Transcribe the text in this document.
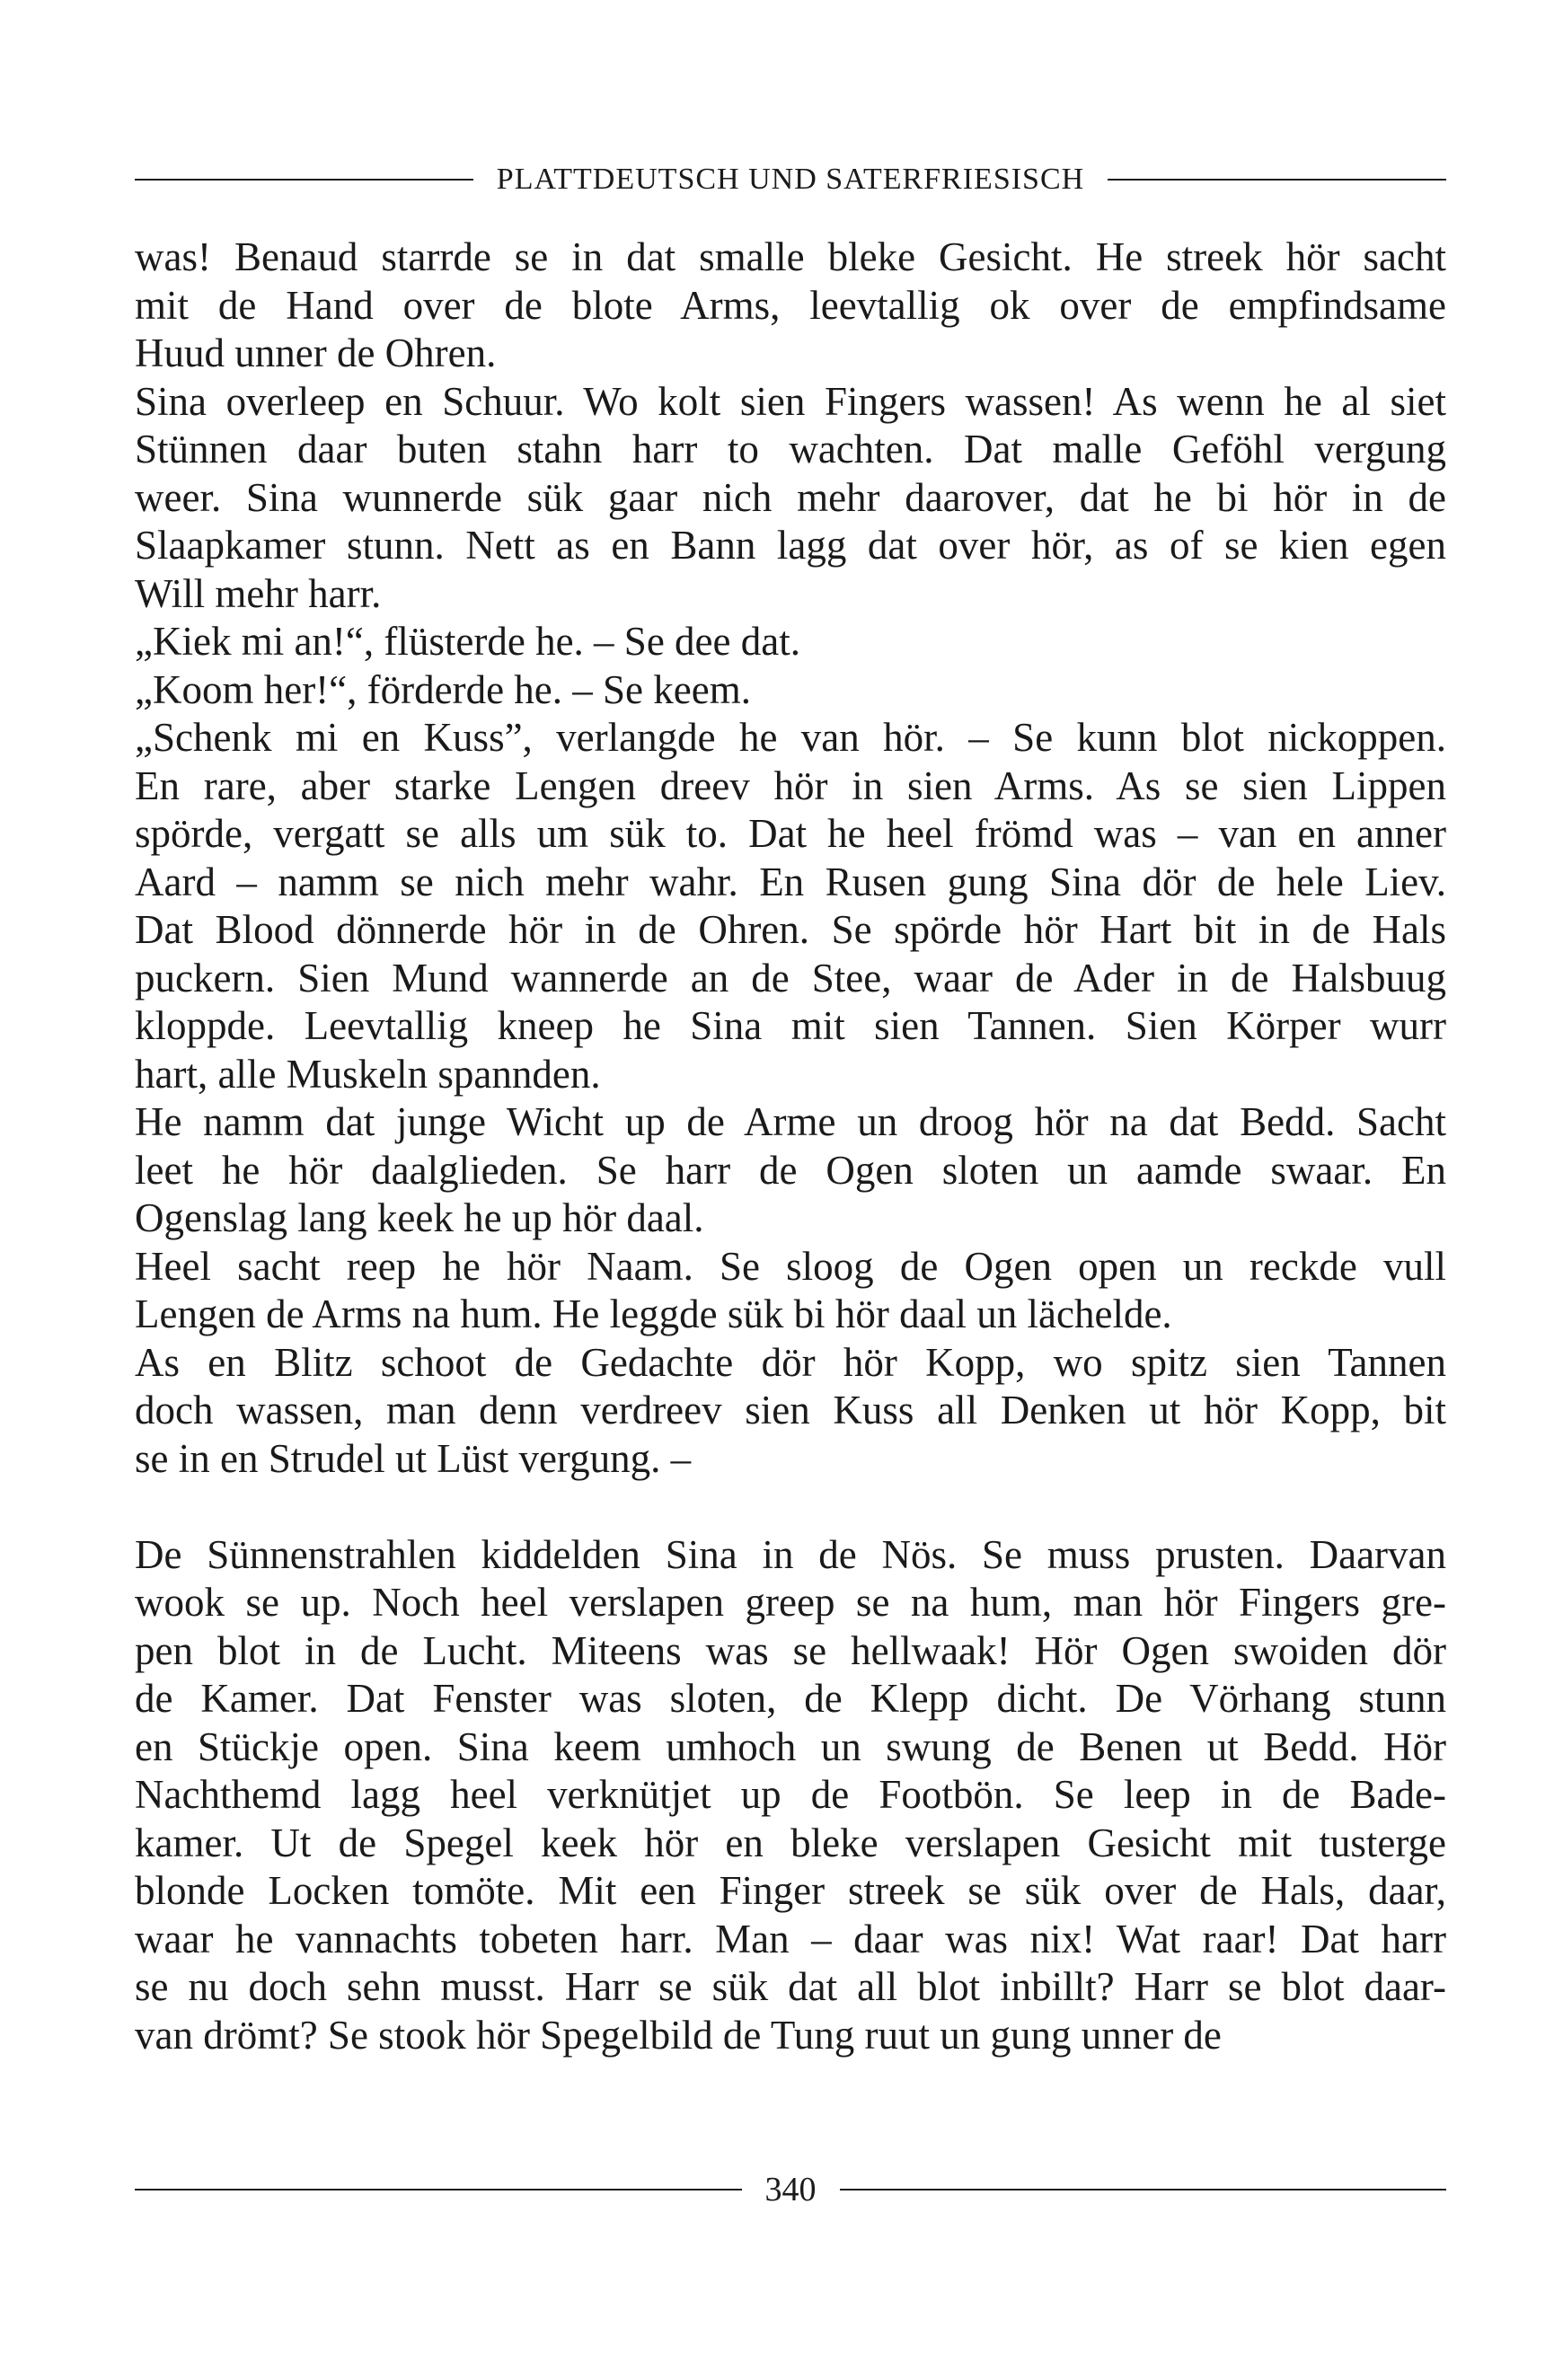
PLATTDEUTSCH UND SATERFRIESISCH
was! Benaud starrde se in dat smalle bleke Gesicht. He streek hör sacht
mit de Hand over de blote Arms, leevtallig ok over de empfindsame
Huud unner de Ohren.
Sina overleep en Schuur. Wo kolt sien Fingers wassen! As wenn he al siet
Stünnen daar buten stahn harr to wachten. Dat malle Geföhl vergung
weer. Sina wunnerde sük gaar nich mehr daarover, dat he bi hör in de
Slaapkamer stunn. Nett as en Bann lagg dat over hör, as of se kien egen
Will mehr harr.
„Kiek mi an!“, flüsterde he. – Se dee dat.
„Koom her!“, förderde he. – Se keem.
„Schenk mi en Kuss”, verlangde he van hör. – Se kunn blot nickoppen.
En rare, aber starke Lengen dreev hör in sien Arms. As se sien Lippen
spörde, vergatt se alls um sük to. Dat he heel frömd was – van en anner
Aard – namm se nich mehr wahr. En Rusen gung Sina dör de hele Liev.
Dat Blood dönnerde hör in de Ohren. Se spörde hör Hart bit in de Hals
puckern. Sien Mund wannerde an de Stee, waar de Ader in de Halsbuug
kloppde. Leevtallig kneep he Sina mit sien Tannen. Sien Körper wurr
hart, alle Muskeln spannden.
He namm dat junge Wicht up de Arme un droog hör na dat Bedd. Sacht
leet he hör daalglieden. Se harr de Ogen sloten un aamde swaar. En
Ogenslag lang keek he up hör daal.
Heel sacht reep he hör Naam. Se sloog de Ogen open un reckde vull
Lengen de Arms na hum. He leggde sük bi hör daal un lächelde.
As en Blitz schoot de Gedachte dör hör Kopp, wo spitz sien Tannen
doch wassen, man denn verdreev sien Kuss all Denken ut hör Kopp, bit
se in en Strudel ut Lüst vergung. –
De Sünnenstrahlen kiddelden Sina in de Nös. Se muss prusten. Daarvan
wook se up. Noch heel verslapen greep se na hum, man hör Fingers gre-
pen blot in de Lucht. Miteens was se hellwaak! Hör Ogen swoiden dör
de Kamer. Dat Fenster was sloten, de Klepp dicht. De Vörhang stunn
en Stückje open. Sina keem umhoch un swung de Benen ut Bedd. Hör
Nachthemd lagg heel verknütjet up de Footbön. Se leep in de Bade-
kamer. Ut de Spegel keek hör en bleke verslapen Gesicht mit tusterge
blonde Locken tomöte. Mit een Finger streek se sük over de Hals, daar,
waar he vannachts tobeten harr. Man – daar was nix! Wat raar! Dat harr
se nu doch sehn musst. Harr se sük dat all blot inbillt? Harr se blot daar-
van drömt? Se stook hör Spegelbild de Tung ruut un gung unner de
340
